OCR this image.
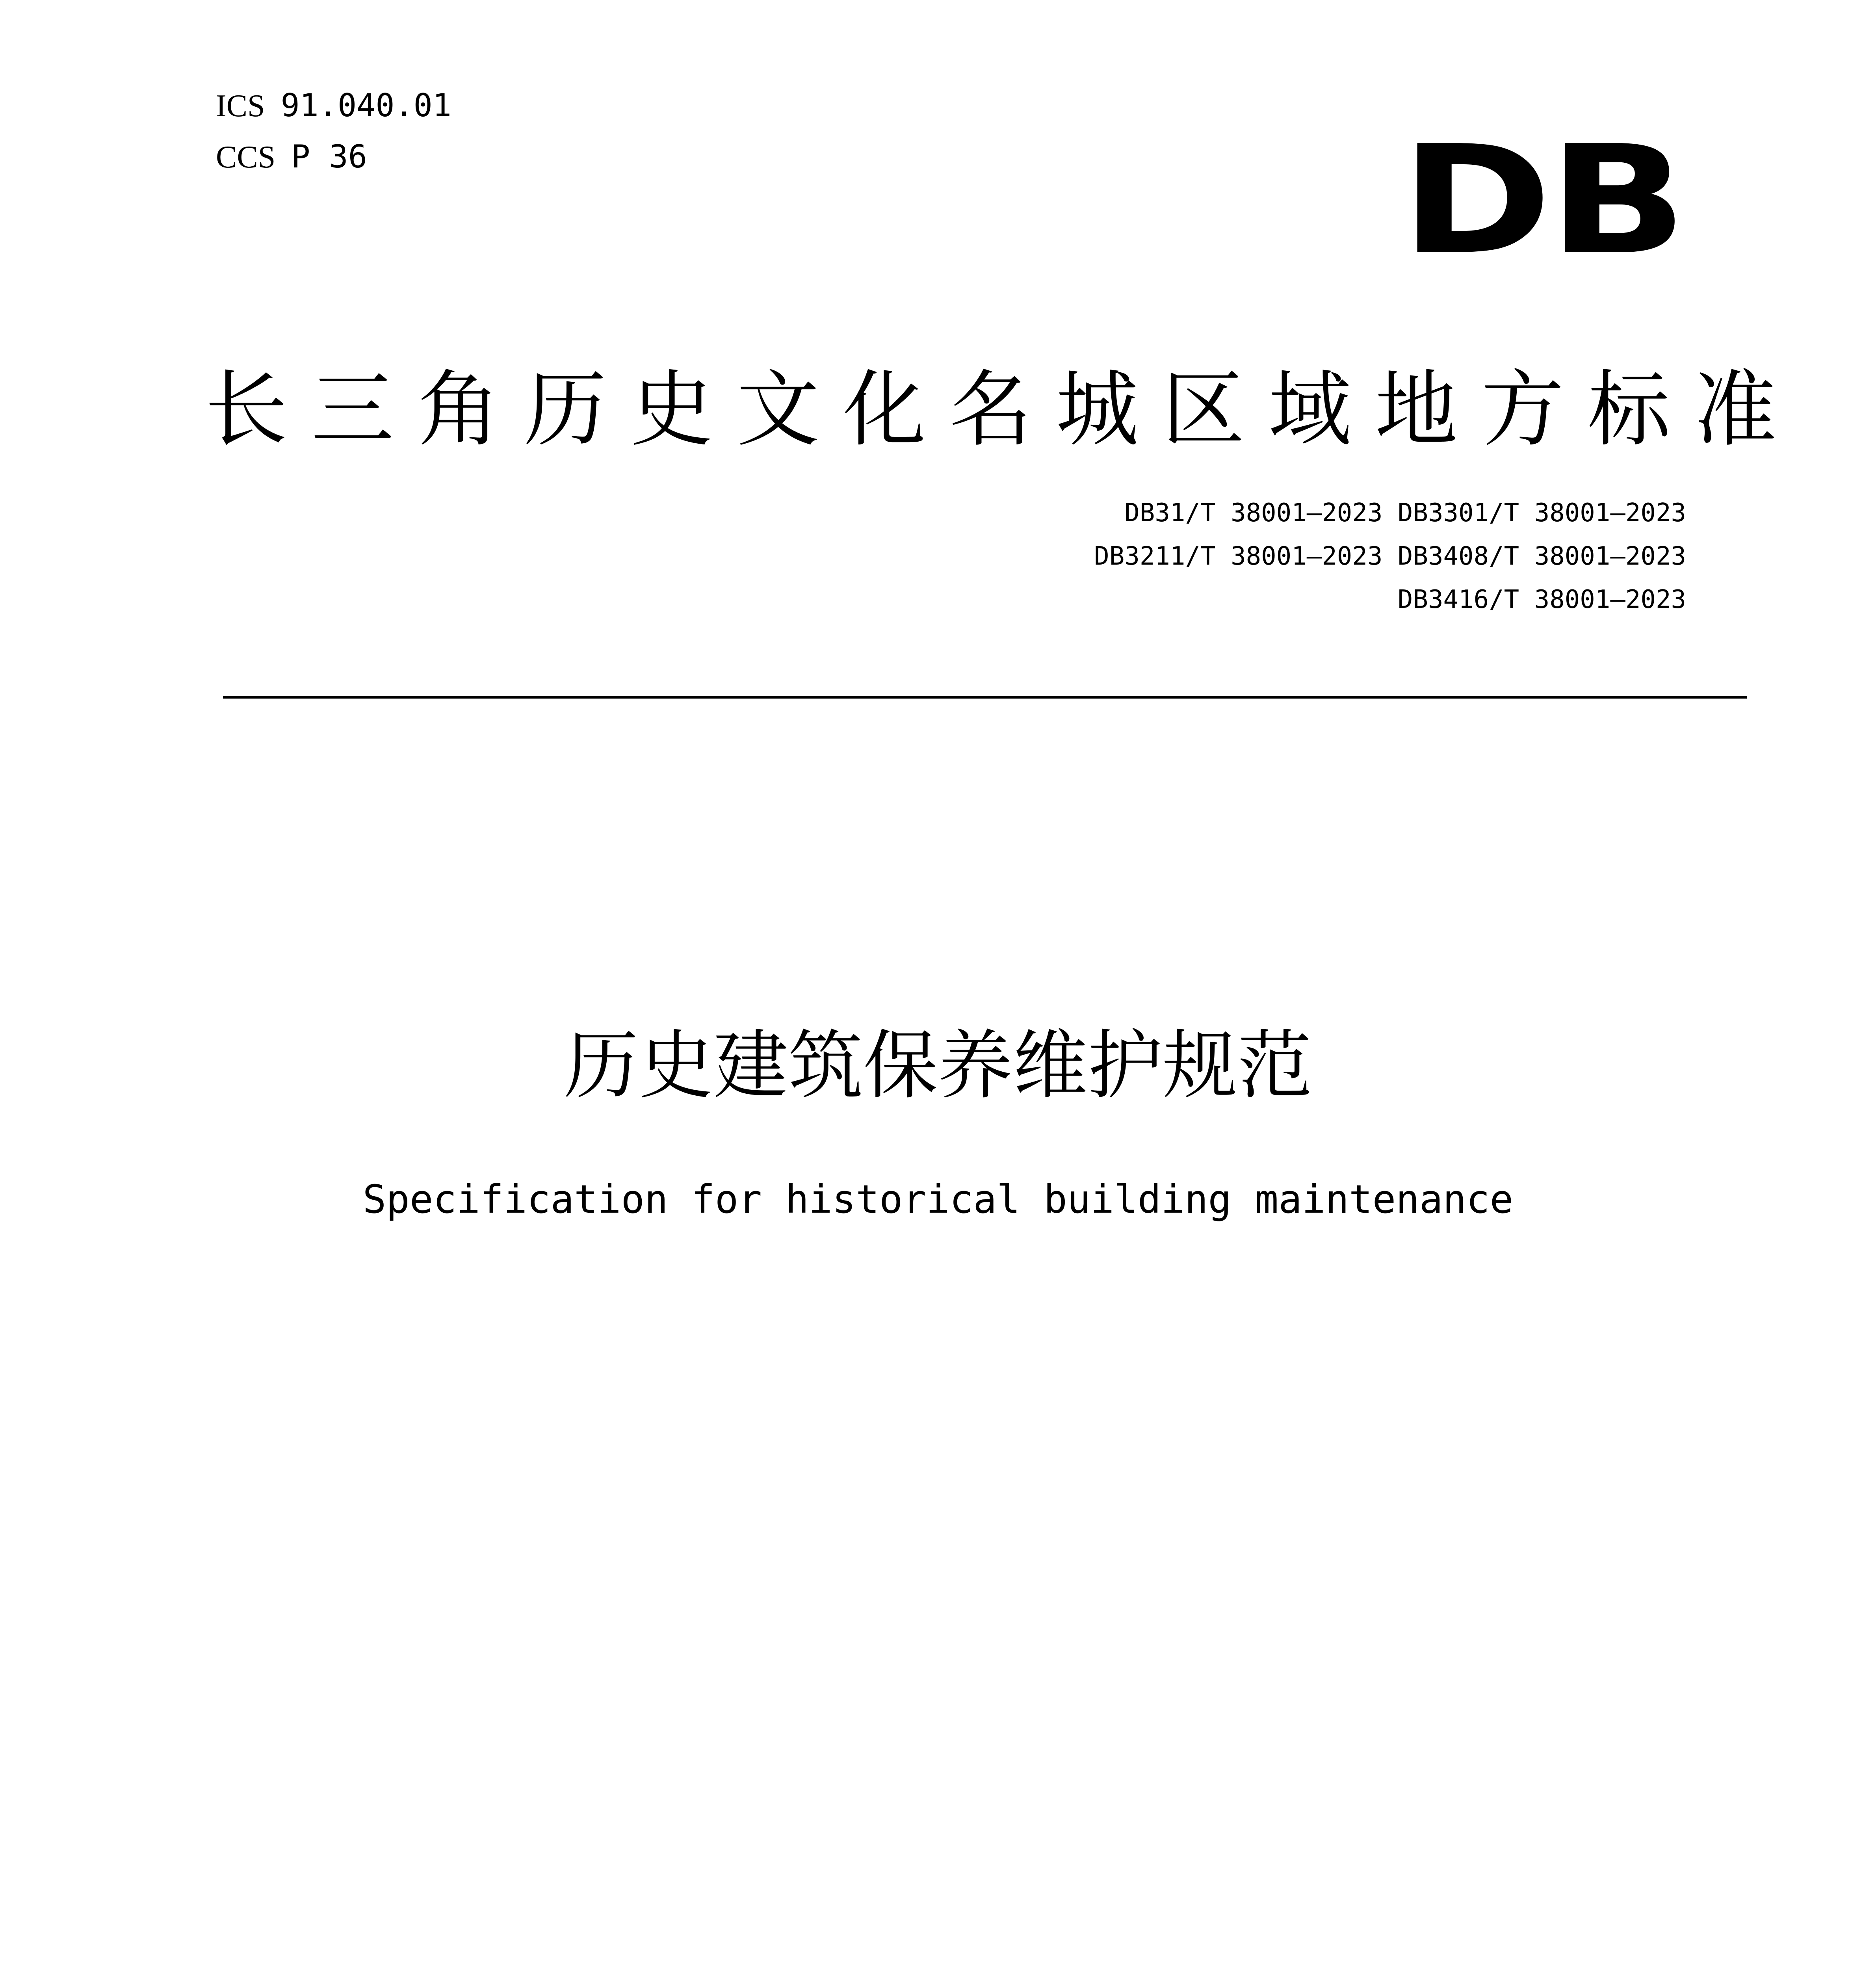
ICS 91.040.01
CCS P 36	DB
长三角历史文化名城区域地方标准
DB31/T 38001—2023 DB3301/T 38001—2023
DB3211/T 38001—2023 DB3408/T 38001—2023
DB3416/T 38001—2023
历史建筑保养维护规范
Specification for historical building maintenance
